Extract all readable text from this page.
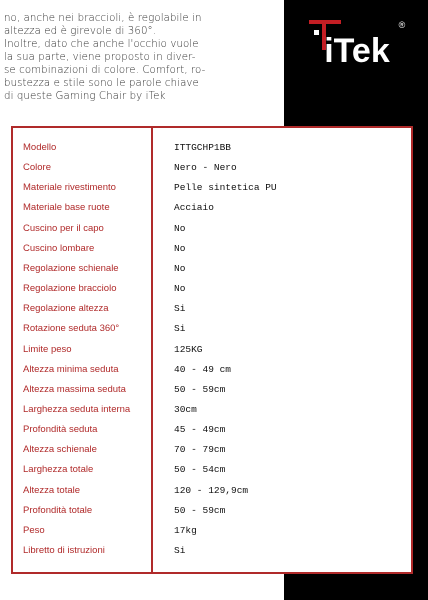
no, anche nei braccioli, è regolabile in
altezza ed è girevole di 360°.
Inoltre, dato che anche l'occhio vuole
la sua parte, viene proposto in diver-
se combinazioni di colore. Comfort, ro-
bustezza e stile sono le parole chiave
di queste Gaming Chair by iTek
iTek
®
Modello	ITTGCHP1BB
Colore	Nero - Nero
Materiale rivestimento	Pelle sintetica PU
Materiale base ruote	Acciaio
Cuscino per il capo	No
Cuscino lombare	No
Regolazione schienale	No
Regolazione bracciolo	No
Regolazione altezza	Si
Rotazione seduta 360°	Si
Limite peso	125KG
Altezza minima seduta	40 - 49 cm
Altezza massima seduta	50 - 59cm
Larghezza seduta interna	30cm
Profondità seduta	45 - 49cm
Altezza schienale	70 - 79cm
Larghezza totale	50 - 54cm
Altezza totale	120 - 129,9cm
Profondità totale	50 - 59cm
Peso	17kg
Libretto di istruzioni	Si
